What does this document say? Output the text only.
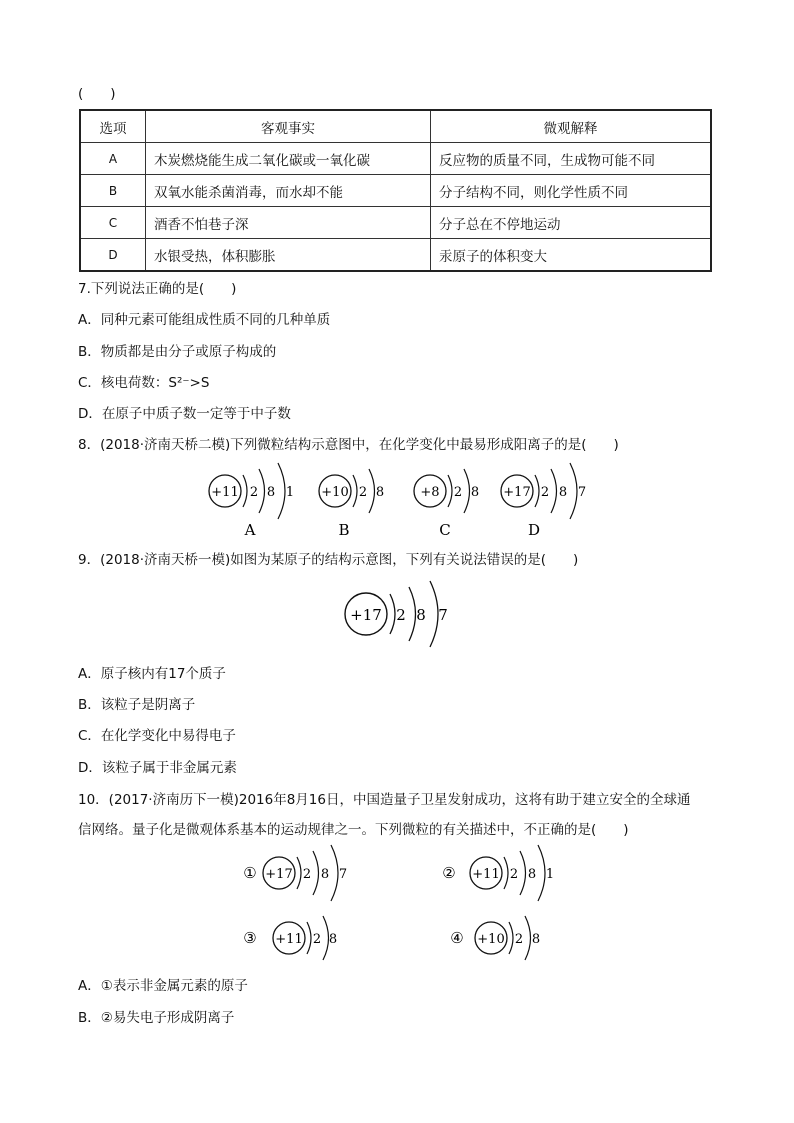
(　　)
选项	客观事实	微观解释
A	木炭燃烧能生成二氧化碳或一氧化碳	反应物的质量不同，生成物可能不同
B	双氧水能杀菌消毒，而水却不能	分子结构不同，则化学性质不同
C	酒香不怕巷子深	分子总在不停地运动
D	水银受热，体积膨胀	汞原子的体积变大
7.下列说法正确的是(　　)
A．同种元素可能组成性质不同的几种单质
B．物质都是由分子或原子构成的
C．核电荷数：S²⁻>S
D．在原子中质子数一定等于中子数
8．(2018·济南天桥二模)下列微粒结构示意图中，在化学变化中最易形成阳离子的是(　　)
+11 2 8 1
A
+10 2 8
B
+8 2 8
C
+17 2 8 7
D
9．(2018·济南天桥一模)如图为某原子的结构示意图，下列有关说法错误的是(　　)
+17 2 8 7
A．原子核内有17个质子
B．该粒子是阴离子
C．在化学变化中易得电子
D．该粒子属于非金属元素
10．(2017·济南历下一模)2016年8月16日，中国造量子卫星发射成功，这将有助于建立安全的全球通
信网络。量子化是微观体系基本的运动规律之一。下列微粒的有关描述中，不正确的是(　　)
① +17 2 8 7	② +11 2 8 1
③ +11 2 8	④ +10 2 8
A．①表示非金属元素的原子
B．②易失电子形成阴离子
